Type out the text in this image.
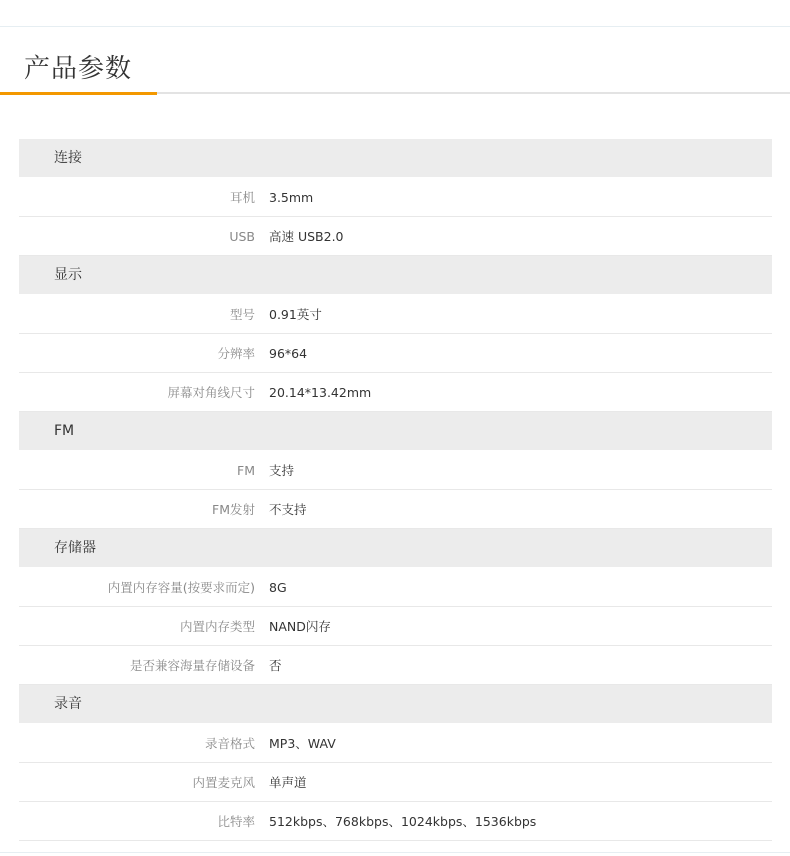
产品参数
连接
耳机	3.5mm
USB	高速 USB2.0
显示
型号	0.91英寸
分辨率	96*64
屏幕对角线尺寸	20.14*13.42mm
FM
FM	支持
FM发射	不支持
存储器
内置内存容量(按要求而定)	8G
内置内存类型	NAND闪存
是否兼容海量存储设备	否
录音
录音格式	MP3、WAV
内置麦克风	单声道
比特率	512kbps、768kbps、1024kbps、1536kbps
